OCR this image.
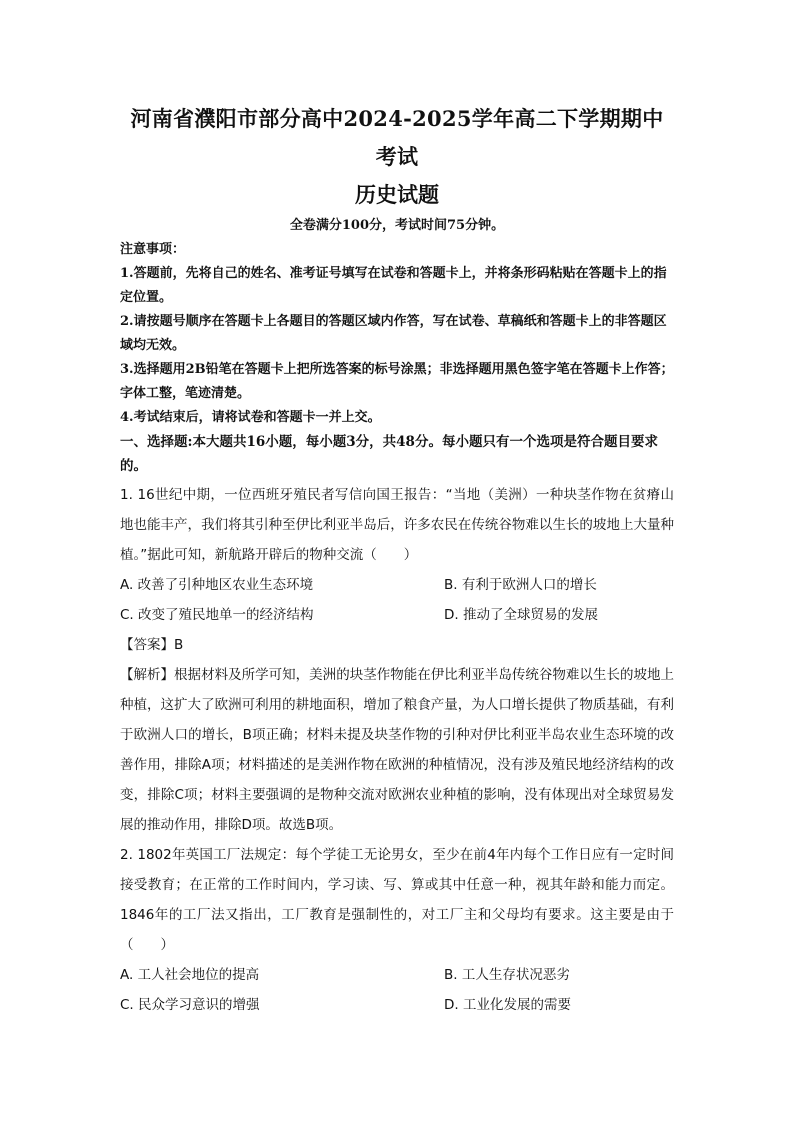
河南省濮阳市部分高中2024-2025学年高二下学期期中考试
历史试题

全卷满分100分，考试时间75分钟。

注意事项：

1.答题前，先将自己的姓名、准考证号填写在试卷和答题卡上，并将条形码粘贴在答题卡上的指定位置。

2.请按题号顺序在答题卡上各题目的答题区域内作答，写在试卷、草稿纸和答题卡上的非答题区域均无效。

3.选择题用2B铅笔在答题卡上把所选答案的标号涂黑；非选择题用黑色签字笔在答题卡上作答；字体工整，笔迹清楚。

4.考试结束后，请将试卷和答题卡一并上交。

一、选择题:本大题共16小题，每小题3分，共48分。每小题只有一个选项是符合题目要求的。

1. 16世纪中期，一位西班牙殖民者写信向国王报告：“当地（美洲）一种块茎作物在贫瘠山地也能丰产，我们将其引种至伊比利亚半岛后，许多农民在传统谷物难以生长的坡地上大量种植。”据此可知，新航路开辟后的物种交流（　　）

A. 改善了引种地区农业生态环境	B. 有利于欧洲人口的增长
C. 改变了殖民地单一的经济结构	D. 推动了全球贸易的发展

【答案】B

【解析】根据材料及所学可知，美洲的块茎作物能在伊比利亚半岛传统谷物难以生长的坡地上种植，这扩大了欧洲可利用的耕地面积，增加了粮食产量，为人口增长提供了物质基础，有利于欧洲人口的增长，B项正确；材料未提及块茎作物的引种对伊比利亚半岛农业生态环境的改善作用，排除A项；材料描述的是美洲作物在欧洲的种植情况，没有涉及殖民地经济结构的改变，排除C项；材料主要强调的是物种交流对欧洲农业种植的影响，没有体现出对全球贸易发展的推动作用，排除D项。故选B项。

2. 1802年英国工厂法规定：每个学徒工无论男女，至少在前4年内每个工作日应有一定时间接受教育；在正常的工作时间内，学习读、写、算或其中任意一种，视其年龄和能力而定。1846年的工厂法又指出，工厂教育是强制性的，对工厂主和父母均有要求。这主要是由于（　　）

A. 工人社会地位的提高	B. 工人生存状况恶劣
C. 民众学习意识的增强	D. 工业化发展的需要
